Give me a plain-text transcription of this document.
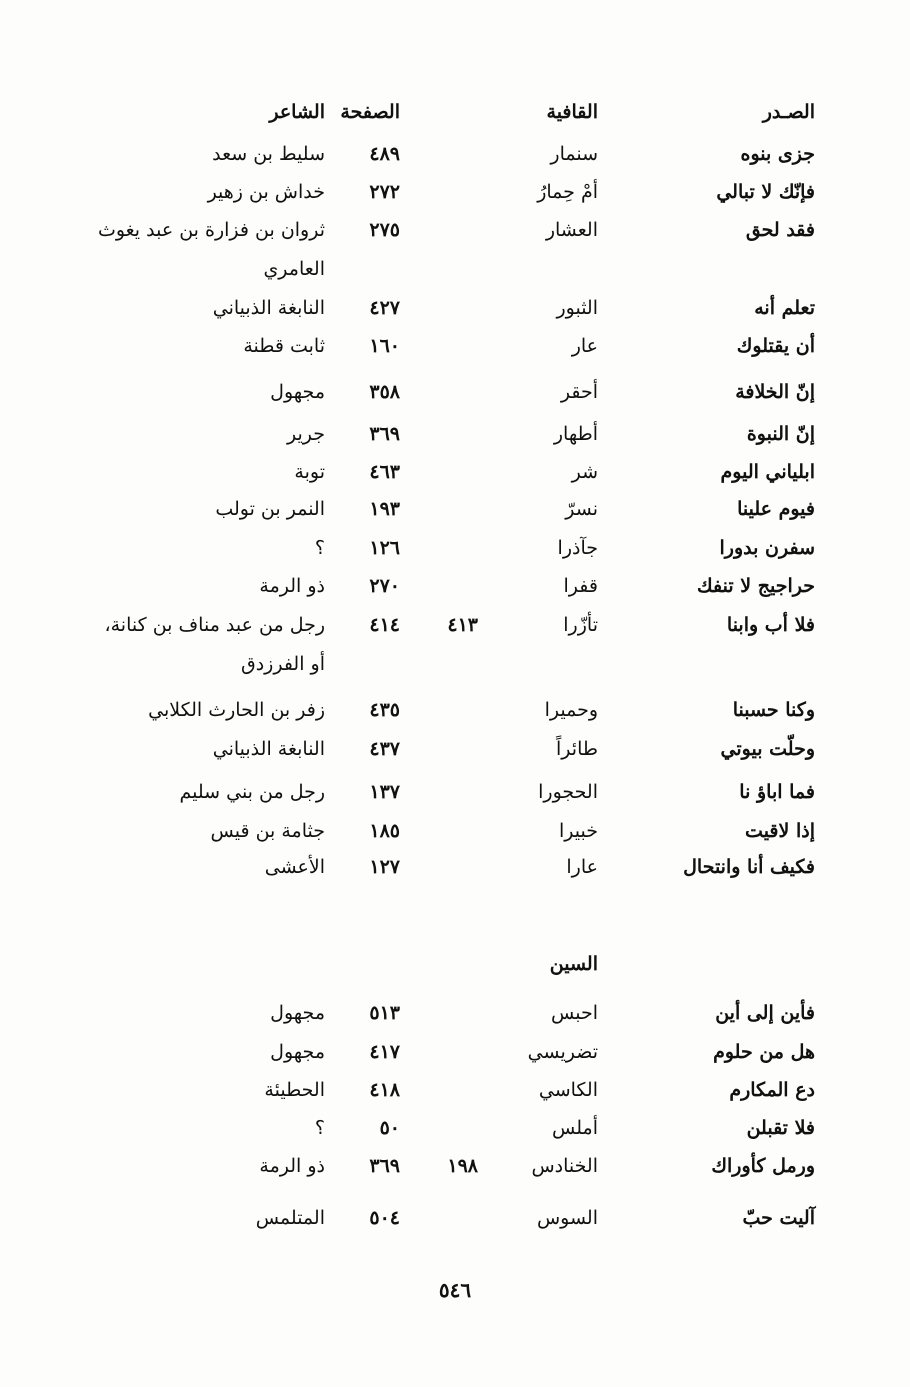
الصـدر
القافية
الصفحة
الشاعر
جزى بنوه
سنمار
٤٨٩
سليط بن سعد
فإنّك لا تبالي
أمْ حِمارُ
٢٧٢
خداش بن زهير
فقد لحق
العشار
٢٧٥
ثروان بن فزارة بن عبد يغوث
العامري
تعلم أنه
الثبور
٤٢٧
النابغة الذبياني
أن يقتلوك
عار
١٦٠
ثابت قطنة
إنّ الخلافة
أحقر
٣٥٨
مجهول
إنّ النبوة
أطهار
٣٦٩
جرير
ابلياني اليوم
شر
٤٦٣
توبة
فيوم علينا
نسرّ
١٩٣
النمر بن تولب
سفرن بدورا
جآذرا
١٢٦
؟
حراجيج لا تنفك
قفرا
٢٧٠
ذو الرمة
فلا أب وابنا
تأزّرا
٤١٣
٤١٤
رجل من عبد مناف بن كنانة،
أو الفرزدق
وكنا حسبنا
وحميرا
٤٣٥
زفر بن الحارث الكلابي
وحلّت بيوتي
طائراً
٤٣٧
النابغة الذبياني
فما اباؤ نا
الحجورا
١٣٧
رجل من بني سليم
إذا لاقيت
خبيرا
١٨٥
جثامة بن قيس
فكيف أنا وانتحال
عارا
١٢٧
الأعشى
فأين إلى أين
احبس
٥١٣
مجهول
هل من حلوم
تضريسي
٤١٧
مجهول
دع المكارم
الكاسي
٤١٨
الحطيئة
فلا تقبلن
أملس
٥٠
؟
ورمل كأوراك
الخنادس
١٩٨
٣٦٩
ذو الرمة
آليت حبّ
السوس
٥٠٤
المتلمس
السين
٥٤٦
